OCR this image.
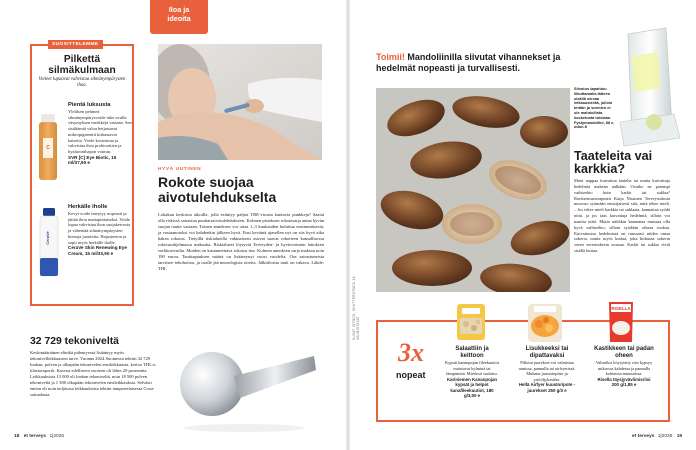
Iloa ja ideoita
SUOSITTELEMME
Pilkettä silmäkulmaan
Voiteet lupaavat vahvistaa silmänympärysten ihoa.
C
Pientä luksusta
Yleilisen pehmeä silmänympärysvoide tuke avulla väsymyksen merkkejä vastaan. Sen sisältämät valoa heijastavat mikropigmentit kirkastavat katsetta. Voide kosteuttaa ja vahvistaa ihoa probioottien ja hyaluronihapon voimin.
SVR [C] Eye Biotic, 15 ml/37,90 e
CeraVe
Herkälle iholle
Kevyt voide imeytyy nopeasti ja jättää ihon mattapintaiseksi. Voide lupaa vahvistaa ihon suojakerrosta ja vähentää silmänympärysten hienoja juonteita. Hajusteeton ja sopii myös herkälle iholle.
CeraVe Skin Renewing Eye Cream, 15 ml/33,90 e
HYVÄ UUTINEN
Rokote suojaa aivotulehdukselta
Lokakuu keskiosa aikoilla, jolla esiintyy paljon TBE-virusta kantavia punkkeja? Saatat olla riskissä sairastua puutiaisaivotulehdukseen. Kolmen pistoksen rokotesarja antaa hyvän suojan tautia vastaan. Toinen annoksen voi ottaa 1–3 kuukauden kuluttua ensimmäisestä, ja vastaanotoksi voi kahdenkin jälkeen hyvä. Ensi kevätnä ajasellen nyt on siis hyvä aika hakea rokotus. Tietyillä riskialueilla vakinaisesti asuvat saavat rokotteen kansallisessa rokotusohjelmassa maksutta. Riskialueet löytyvät Terveyden- ja hyvinvoinnin laitoksen verkkosivuilta. Muiden on kustannettava rokotus itse. Kolmen annoksen sarja maksaa noin 190 euroa. Tautitapauksen määrä on lisääntynyt vuosi vuodelta. Osa sairastuneista tarvitsee tehohoitoa, ja osalle jää neurologisia oireita. Jälkitiloista tauti on vakava. Lähde: THL
KUVAT ISTOCK, SHUTTERSTOCK JA VALMISTAJAT
32 729 tekoniveltä
Keskimääräinen elinikä pidentyessä lisääntyy myös tekonivelleikkausten tarve. Vuonna 2024 Suomessa tehtiin 32 729 lonkan, polven ja olkapään tekonivelen ensileikkausta, kertoo THL:n tilastoraportti. Kasvua edelliseen vuoteen oli lähes 20 prosenttia. Leikkauksista 13 000 oli lonkan tekoniveliä, noin 18 500 polven tekoniveliä ja 1 300 olkapään tekonivelen ensileikkauksia. Selvästi eniten eli noin neljäsosa leikkauksista tehtiin tampereilaisessa Coxa-sairaalassa.
18 et terveys 1|2026	et terveys 1|2026 19
Toimii! Mandoliinilla siivutat vihannekset ja hedelmät nopeasti ja turvallisesti.
Siivutus tapahtuu liikuttamalla lätteen sisällä olevaa leikkausterää, jolloin terään ja sormien ei ole mahdollista kosketusta toisiaan. Fystymandoliini, 88 e, odon.fi
Taateleita vai karkkia?
Moni nappaa kuivattua taatelia tai muita kuivattuja hedelmiä makean nälkään. Ovatko ne parempi vaihtoehto kuin karkit tai suklaa? Ravitsemusterapeutti Katja Nissinen Terveystalosta muovuo syömään ensisijaisesti sitä, mitä tekee mieli. – Jos tekee mieli karkkia tai suklaata, kannattaa syödä niitä, ja jos taas kuivattuja hedelmiä, silloin voi nauttia niitä. Mutta näiläkin kannattaa muistaa olla hyvä vaihtoehto, silloin syödään oikeaa ruokaa. Kuivattuissa hedelmissä on runsaasti niiden omaa sokeria, mutta myös kuitua, joka hidastaa sokerin veren verensokerin nousua. Karkit tai suklaa eivät sisällä kuitua.
3x
nopeat
Salaattiin ja keittoon
Kypsät kananpojan fileekuutiot maistuvat kylminä tai lämpiminä. Miedosti suolattu.
Kariniemen Kananpojan kypsät ja helpot kanafileekuutiot, 180 g/3,50 e
Lisukkeeksi tai dipattavaksi
Pillotut juurekset voi valmistaa uunissa, pannulla tai airfryerissä. Mukana juustoinpiste ja yrttiöljykastike.
Hellä Airfyer kuustoripote -juurekset 250 g/3 e
RISELLA
Kastikkeen tai padan oheen
Valmiiksi höyrytetty riisi kypsyy mikrossa kahdessa ja pannulla kolmessa minuutissa.
Risella täysjyväviimisriisi 200 g/1,85 e
